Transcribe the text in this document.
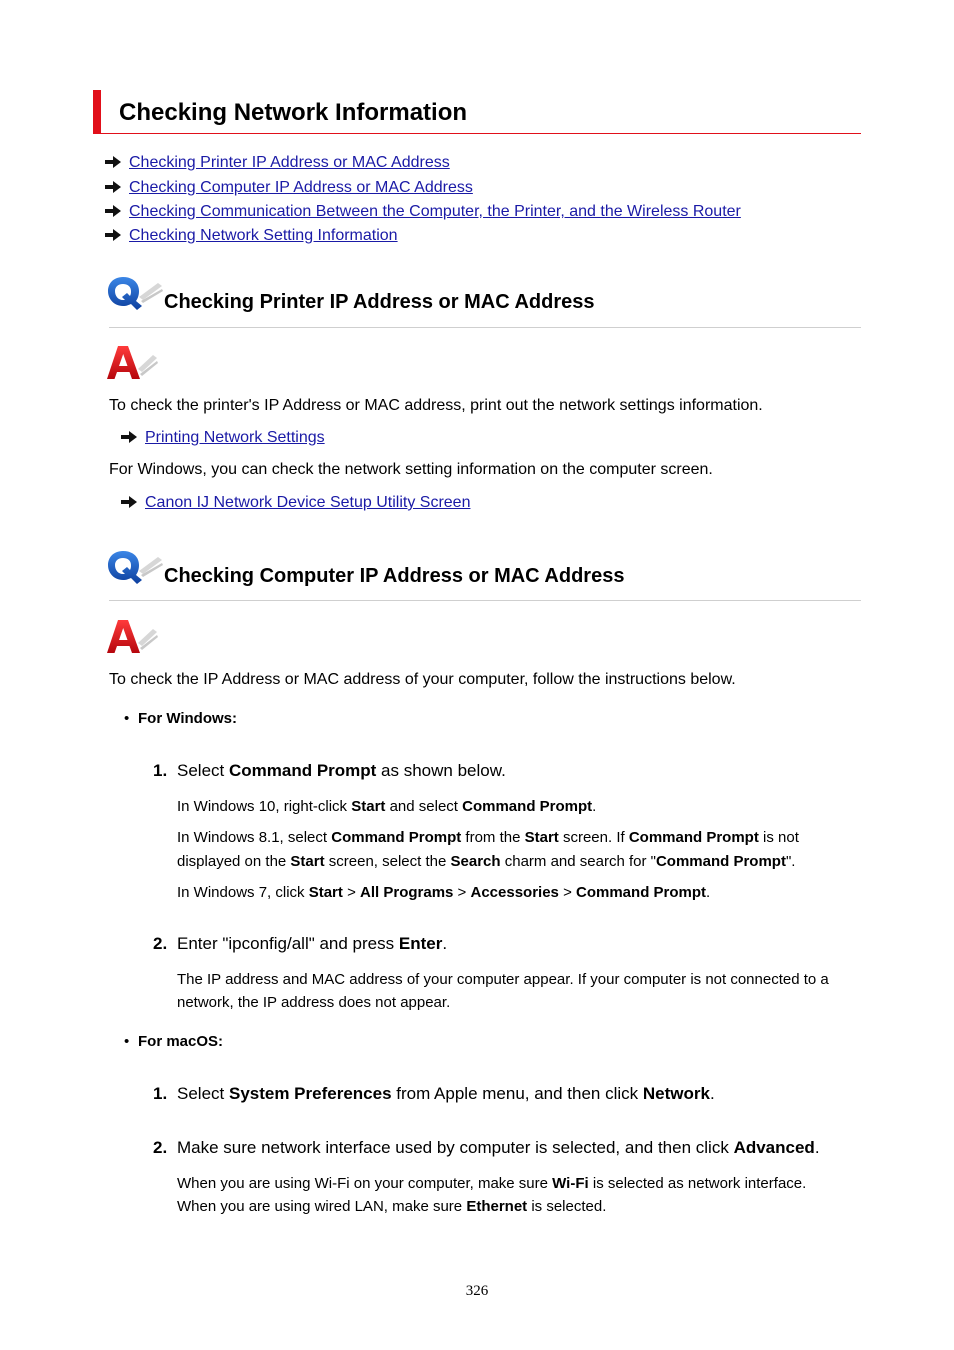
Checking Network Information
Checking Printer IP Address or MAC Address
Checking Computer IP Address or MAC Address
Checking Communication Between the Computer, the Printer, and the Wireless Router
Checking Network Setting Information
Checking Printer IP Address or MAC Address
To check the printer's IP Address or MAC address, print out the network settings information.
Printing Network Settings
For Windows, you can check the network setting information on the computer screen.
Canon IJ Network Device Setup Utility Screen
Checking Computer IP Address or MAC Address
To check the IP Address or MAC address of your computer, follow the instructions below.
• For Windows:
1. Select Command Prompt as shown below.
In Windows 10, right-click Start and select Command Prompt.
In Windows 8.1, select Command Prompt from the Start screen. If Command Prompt is not
displayed on the Start screen, select the Search charm and search for "Command Prompt".
In Windows 7, click Start > All Programs > Accessories > Command Prompt.
2. Enter "ipconfig/all" and press Enter.
The IP address and MAC address of your computer appear. If your computer is not connected to a
network, the IP address does not appear.
• For macOS:
1. Select System Preferences from Apple menu, and then click Network.
2. Make sure network interface used by computer is selected, and then click Advanced.
When you are using Wi-Fi on your computer, make sure Wi-Fi is selected as network interface.
When you are using wired LAN, make sure Ethernet is selected.
326
